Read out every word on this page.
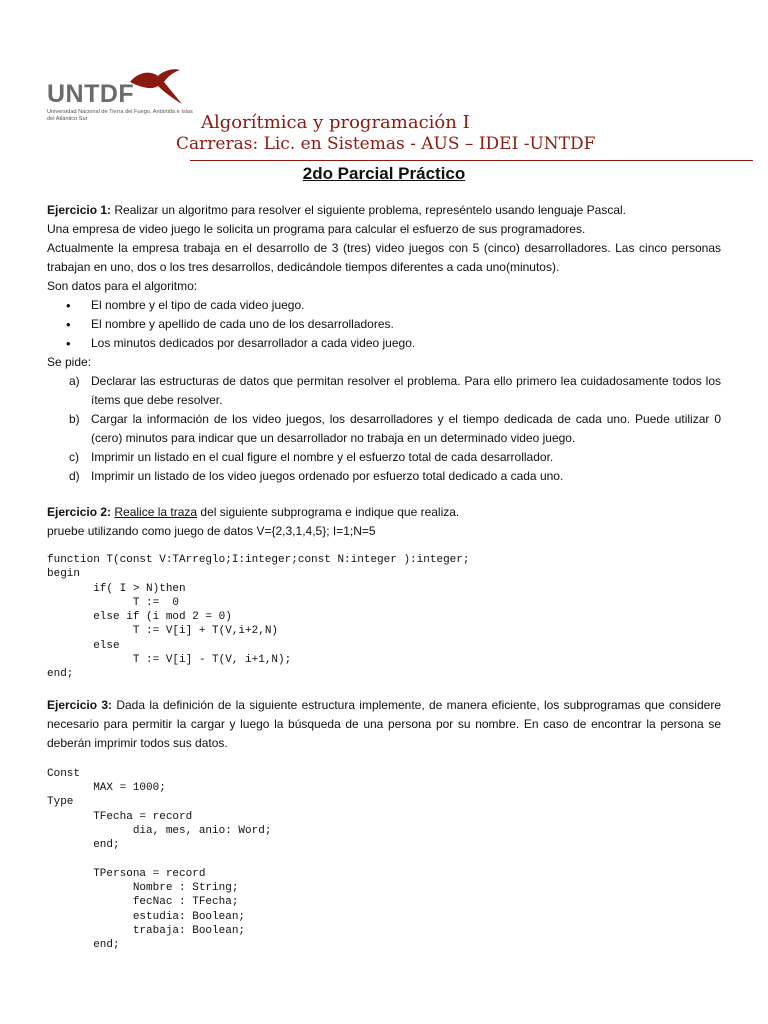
UNTDF
Universidad Nacional de Tierra del Fuego, Antártida e Islas del Atlántico Sur	Algorítmica y programación I
Carreras: Lic. en Sistemas - AUS – IDEI -UNTDF
2do Parcial Práctico

Ejercicio 1: Realizar un algoritmo para resolver el siguiente problema, represéntelo usando lenguaje Pascal.

Una empresa de video juego le solicita un programa para calcular el esfuerzo de sus programadores.

Actualmente la empresa trabaja en el desarrollo de 3 (tres) video juegos con 5 (cinco) desarrolladores. Las cinco personas trabajan en uno, dos o los tres desarrollos, dedicándole tiempos diferentes a cada uno(minutos).

Son datos para el algoritmo:

• El nombre y el tipo de cada video juego.
• El nombre y apellido de cada uno de los desarrolladores.
• Los minutos dedicados por desarrollador a cada video juego.

Se pide:

a) Declarar las estructuras de datos que permitan resolver el problema. Para ello primero lea cuidadosamente todos los ítems que debe resolver.
b) Cargar la información de los video juegos, los desarrolladores y el tiempo dedicada de cada uno. Puede utilizar 0 (cero) minutos para indicar que un desarrollador no trabaja en un determinado video juego.
c) Imprimir un listado en el cual figure el nombre y el esfuerzo total de cada desarrollador.
d) Imprimir un listado de los video juegos ordenado por esfuerzo total dedicado a cada uno.

Ejercicio 2: Realice la traza del siguiente subprograma e indique que realiza.

pruebe utilizando como juego de datos V={2,3,1,4,5}; I=1;N=5

function T(const V:TArreglo;I:integer;const N:integer ):integer;
begin
if( I > N)then
T :=  0
else if (i mod 2 = 0)
T := V[i] + T(V,i+2,N)
else
T := V[i] - T(V, i+1,N);
end;

Ejercicio 3: Dada la definición de la siguiente estructura implemente, de manera eficiente, los subprogramas que considere necesario para permitir la cargar y luego la búsqueda de una persona por su nombre. En caso de encontrar la persona se deberán imprimir todos sus datos.

Const
MAX = 1000;
Type
TFecha = record
dia, mes, anio: Word;
end;

TPersona = record
Nombre : String;
fecNac : TFecha;
estudia: Boolean;
trabaja: Boolean;
end;
